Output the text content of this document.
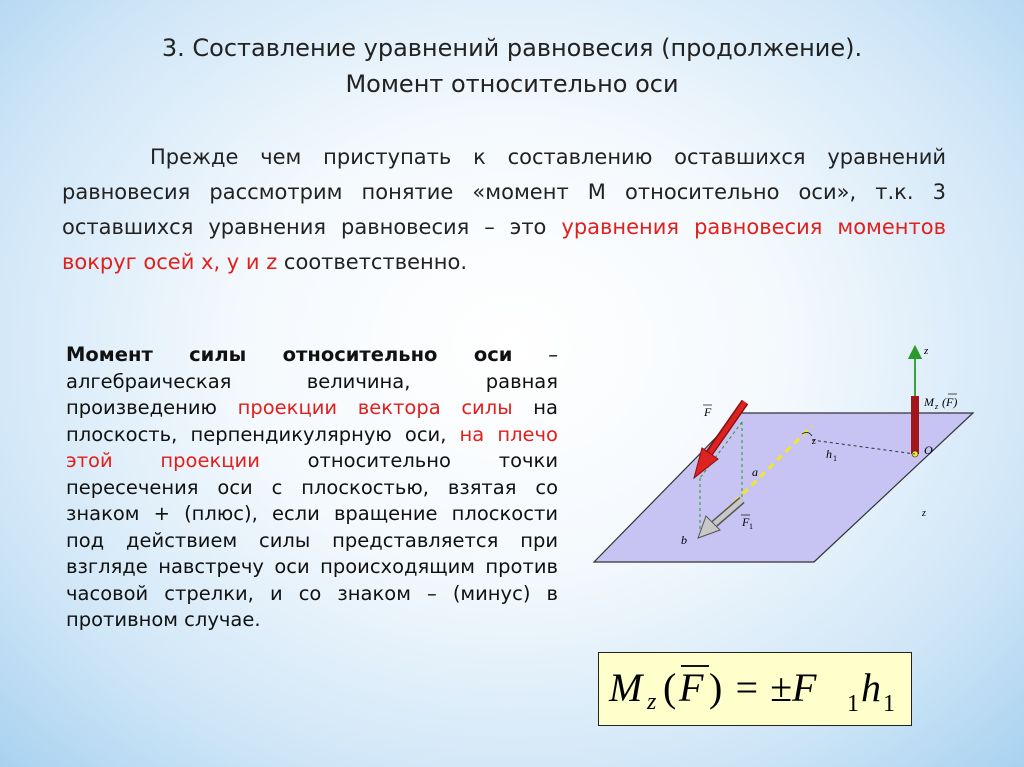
3. Составление уравнений равновесия (продолжение).
Момент относительно оси
Прежде чем приступать к составлению оставшихся уравнений равновесия рассмотрим понятие «момент М относительно оси», т.к. 3 оставшихся уравнения равновесия – это уравнения равновесия моментов вокруг осей x, y и z соответственно.
Момент силы относительно оси – алгебраическая величина, равная произведению проекции вектора силы на плоскость, перпендикулярную оси, на плечо этой проекции относительно точки пересечения оси с плоскостью, взятая со знаком + (плюс), если вращение плоскости под действием силы представляется при взгляде навстречу оси происходящим против часовой стрелки, и со знаком – (минус) в противном случае.
z
M z (F)
F
O
z
h 1
a
F 1
b
z
M z ( F ) = ±F 1 h 1
